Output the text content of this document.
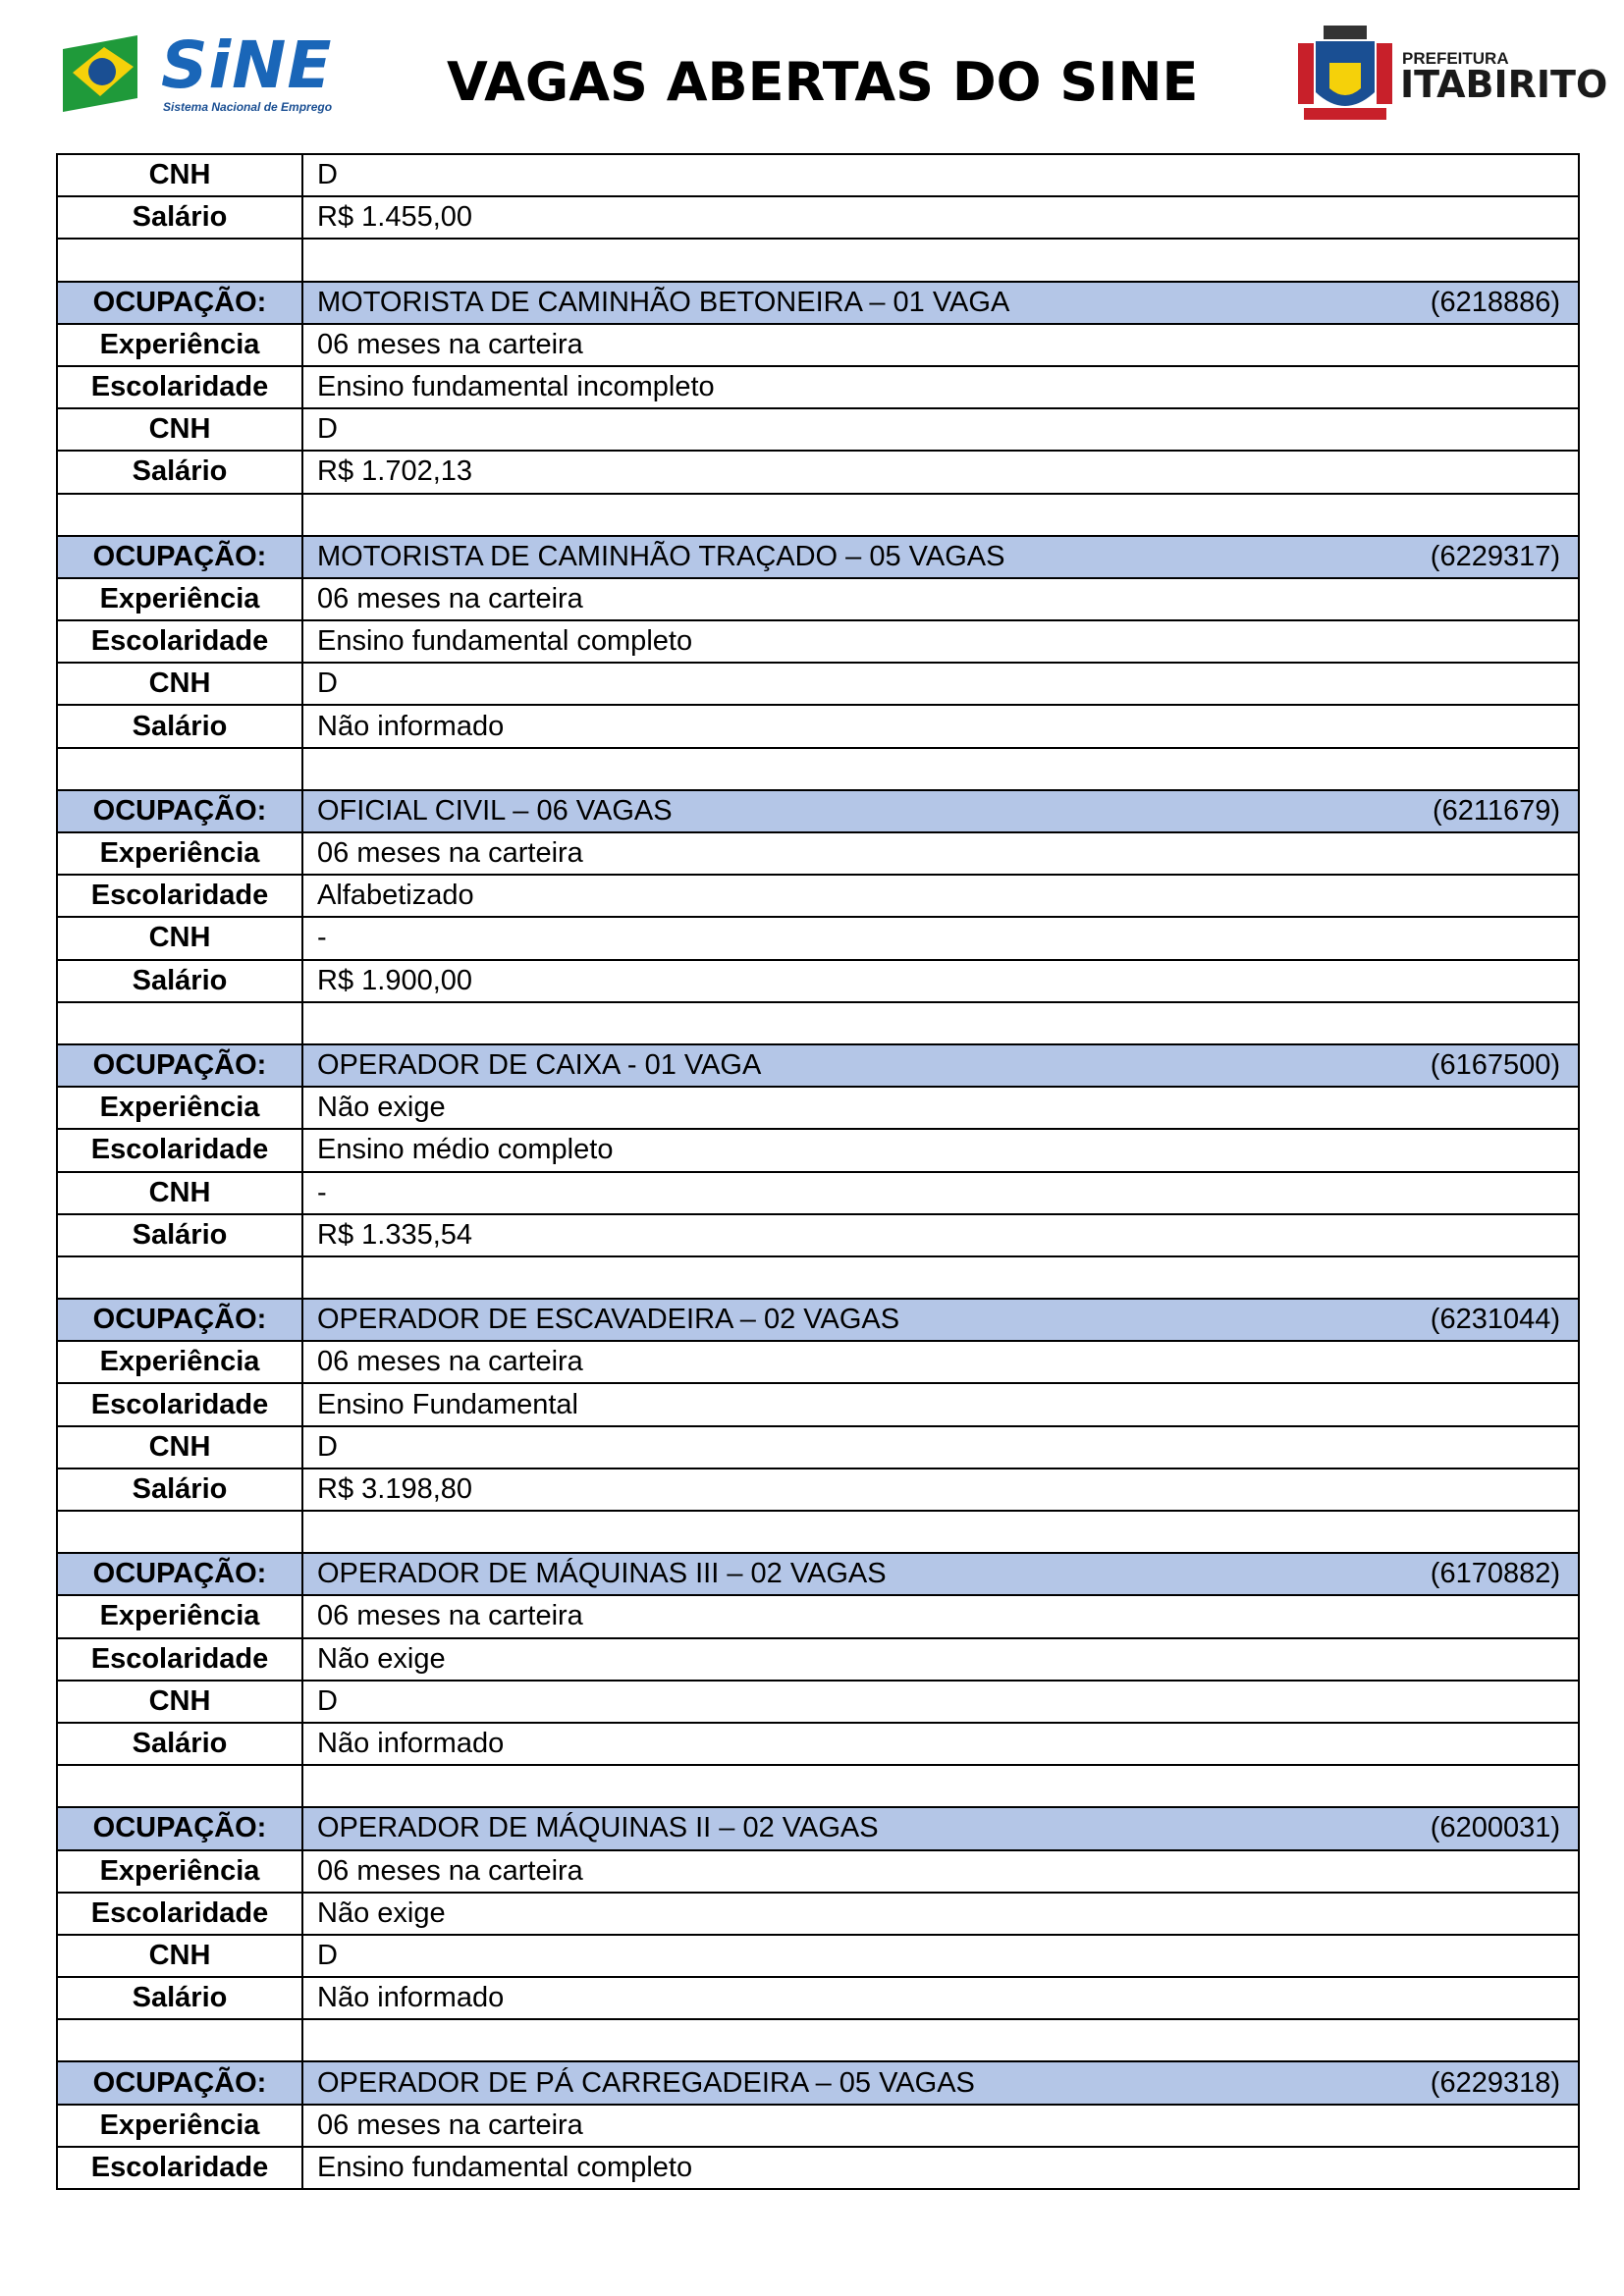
SiNE
Sistema Nacional de Emprego VAGAS ABERTAS DO SINE	PREFEITURA
ITABIRITO
CNH	D
Salário	R$ 1.455,00

OCUPAÇÃO:	MOTORISTA DE CAMINHÃO BETONEIRA – 01 VAGA (6218886)

Experiência	06 meses na carteira
Escolaridade	Ensino fundamental incompleto
CNH	D
Salário	R$ 1.702,13

OCUPAÇÃO:	MOTORISTA DE CAMINHÃO TRAÇADO – 05 VAGAS (6229317)

Experiência	06 meses na carteira
Escolaridade	Ensino fundamental completo
CNH	D
Salário	Não informado

OCUPAÇÃO:	OFICIAL CIVIL – 06 VAGAS (6211679)

Experiência	06 meses na carteira
Escolaridade	Alfabetizado
CNH	-
Salário	R$ 1.900,00

OCUPAÇÃO:	OPERADOR DE CAIXA - 01 VAGA (6167500)

Experiência	Não exige
Escolaridade	Ensino médio completo
CNH	-
Salário	R$ 1.335,54

OCUPAÇÃO:	OPERADOR DE ESCAVADEIRA – 02 VAGAS (6231044)

Experiência	06 meses na carteira
Escolaridade	Ensino Fundamental
CNH	D
Salário	R$ 3.198,80

OCUPAÇÃO:	OPERADOR DE MÁQUINAS III – 02 VAGAS (6170882)

Experiência	06 meses na carteira
Escolaridade	Não exige
CNH	D
Salário	Não informado

OCUPAÇÃO:	OPERADOR DE MÁQUINAS II – 02 VAGAS (6200031)

Experiência	06 meses na carteira
Escolaridade	Não exige
CNH	D
Salário	Não informado

OCUPAÇÃO:	OPERADOR DE PÁ CARREGADEIRA – 05 VAGAS (6229318)

Experiência	06 meses na carteira
Escolaridade	Ensino fundamental completo
